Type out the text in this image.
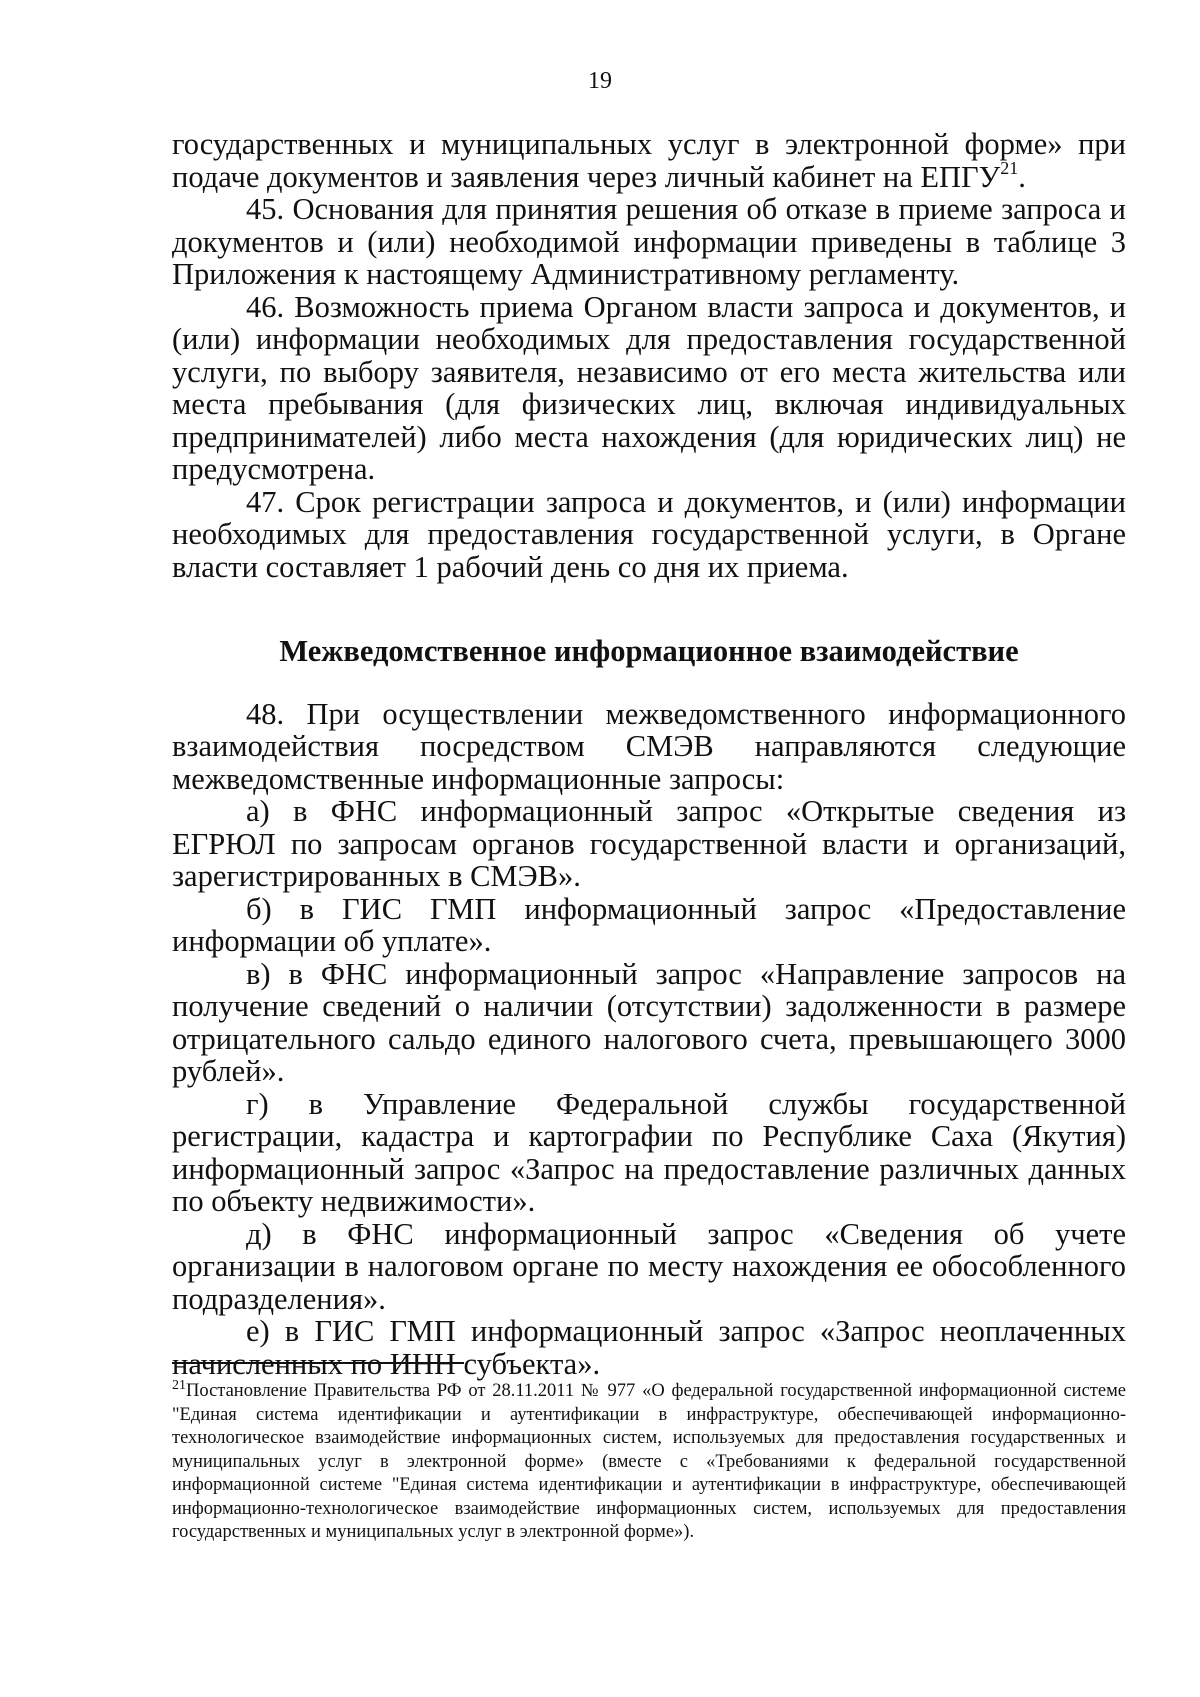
19

государственных и муниципальных услуг в электронной форме» при подаче документов и заявления через личный кабинет на ЕПГУ$^{21}$.

45. Основания для принятия решения об отказе в приеме запроса и документов и (или) необходимой информации приведены в таблице 3 Приложения к настоящему Административному регламенту.

46. Возможность приема Органом власти запроса и документов, и (или) информации необходимых для предоставления государственной услуги, по выбору заявителя, независимо от его места жительства или места пребывания (для физических лиц, включая индивидуальных предпринимателей) либо места нахождения (для юридических лиц) не предусмотрена.

47. Срок регистрации запроса и документов, и (или) информации необходимых для предоставления государственной услуги, в Органе власти составляет 1 рабочий день со дня их приема.

Межведомственное информационное взаимодействие

48. При осуществлении межведомственного информационного взаимодействия посредством СМЭВ направляются следующие межведомственные информационные запросы:

а) в ФНС информационный запрос «Открытые сведения из ЕГРЮЛ по запросам органов государственной власти и организаций, зарегистрированных в СМЭВ».

б) в ГИС ГМП информационный запрос «Предоставление информации об уплате».

в) в ФНС информационный запрос «Направление запросов на получение сведений о наличии (отсутствии) задолженности в размере отрицательного сальдо единого налогового счета, превышающего 3000 рублей».

г) в Управление Федеральной службы государственной регистрации, кадастра и картографии по Республике Саха (Якутия) информационный запрос «Запрос на предоставление различных данных по объекту недвижимости».

д) в ФНС информационный запрос «Сведения об учете организации в налоговом органе по месту нахождения ее обособленного подразделения».

е) в ГИС ГМП информационный запрос «Запрос неоплаченных начисленных по ИНН субъекта».

$^{21}$Постановление Правительства РФ от 28.11.2011 № 977 «О федеральной государственной информационной системе "Единая система идентификации и аутентификации в инфраструктуре, обеспечивающей информационно-технологическое взаимодействие информационных систем, используемых для предоставления государственных и муниципальных услуг в электронной форме» (вместе с «Требованиями к федеральной государственной информационной системе "Единая система идентификации и аутентификации в инфраструктуре, обеспечивающей информационно-технологическое взаимодействие информационных систем, используемых для предоставления государственных и муниципальных услуг в электронной форме»).
